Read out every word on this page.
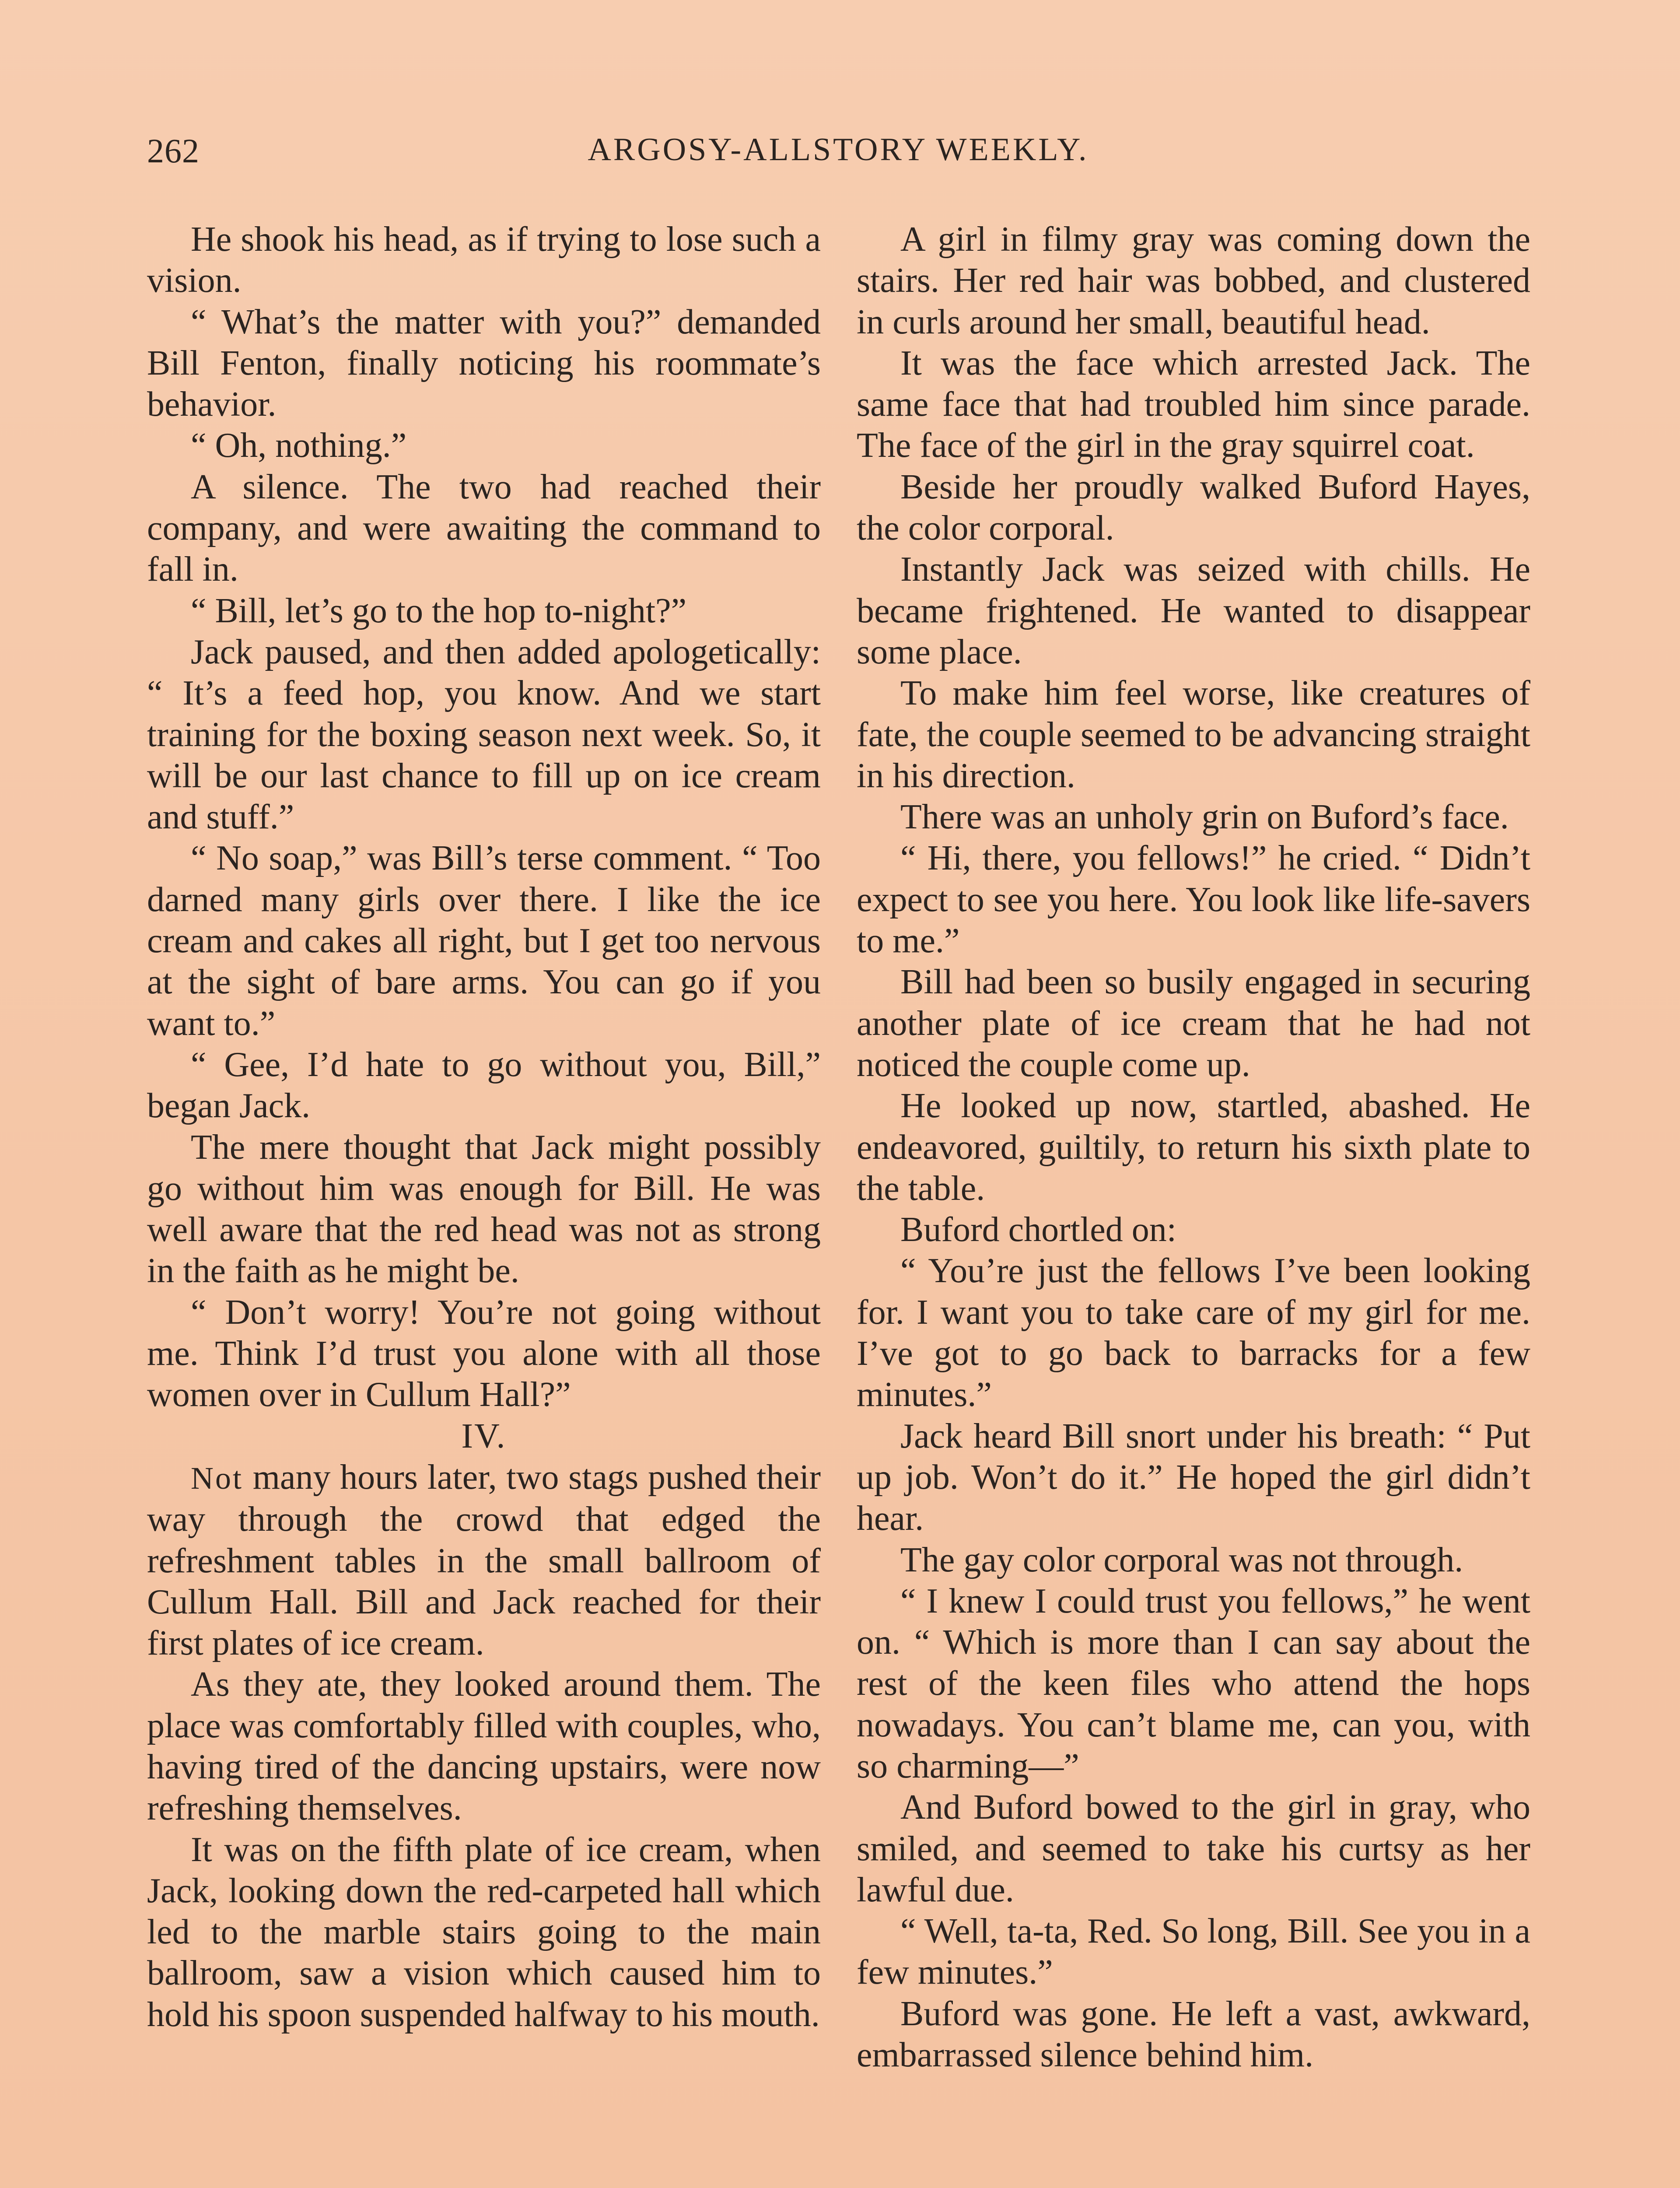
262	ARGOSY-ALLSTORY WEEKLY.

He shook his head, as if trying to lose such a vision.

“ What’s the matter with you?” demanded Bill Fenton, finally noticing his roommate’s behavior.

“ Oh, nothing.”

A silence. The two had reached their company, and were awaiting the command to fall in.

“ Bill, let’s go to the hop to-night?”

Jack paused, and then added apologetically: “ It’s a feed hop, you know. And we start training for the boxing season next week. So, it will be our last chance to fill up on ice cream and stuff.”

“ No soap,” was Bill’s terse comment. “ Too darned many girls over there. I like the ice cream and cakes all right, but I get too nervous at the sight of bare arms. You can go if you want to.”

“ Gee, I’d hate to go without you, Bill,” began Jack.

The mere thought that Jack might possibly go without him was enough for Bill. He was well aware that the red head was not as strong in the faith as he might be.

“ Don’t worry! You’re not going without me. Think I’d trust you alone with all those women over in Cullum Hall?”

IV.

Not many hours later, two stags pushed their way through the crowd that edged the refreshment tables in the small ballroom of Cullum Hall. Bill and Jack reached for their first plates of ice cream.

As they ate, they looked around them. The place was comfortably filled with couples, who, having tired of the dancing upstairs, were now refreshing themselves.

It was on the fifth plate of ice cream, when Jack, looking down the red-carpeted hall which led to the marble stairs going to the main ballroom, saw a vision which caused him to hold his spoon suspended halfway to his mouth.

A girl in filmy gray was coming down the stairs. Her red hair was bobbed, and clustered in curls around her small, beautiful head.

It was the face which arrested Jack. The same face that had troubled him since parade. The face of the girl in the gray squirrel coat.

Beside her proudly walked Buford Hayes, the color corporal.

Instantly Jack was seized with chills. He became frightened. He wanted to disappear some place.

To make him feel worse, like creatures of fate, the couple seemed to be advancing straight in his direction.

There was an unholy grin on Buford’s face.

“ Hi, there, you fellows!” he cried. “ Didn’t expect to see you here. You look like life-savers to me.”

Bill had been so busily engaged in securing another plate of ice cream that he had not noticed the couple come up.

He looked up now, startled, abashed. He endeavored, guiltily, to return his sixth plate to the table.

Buford chortled on:

“ You’re just the fellows I’ve been looking for. I want you to take care of my girl for me. I’ve got to go back to barracks for a few minutes.”

Jack heard Bill snort under his breath: “ Put up job. Won’t do it.” He hoped the girl didn’t hear.

The gay color corporal was not through.

“ I knew I could trust you fellows,” he went on. “ Which is more than I can say about the rest of the keen files who attend the hops nowadays. You can’t blame me, can you, with so charming—”

And Buford bowed to the girl in gray, who smiled, and seemed to take his curtsy as her lawful due.

“ Well, ta-ta, Red. So long, Bill. See you in a few minutes.”

Buford was gone. He left a vast, awkward, embarrassed silence behind him.
